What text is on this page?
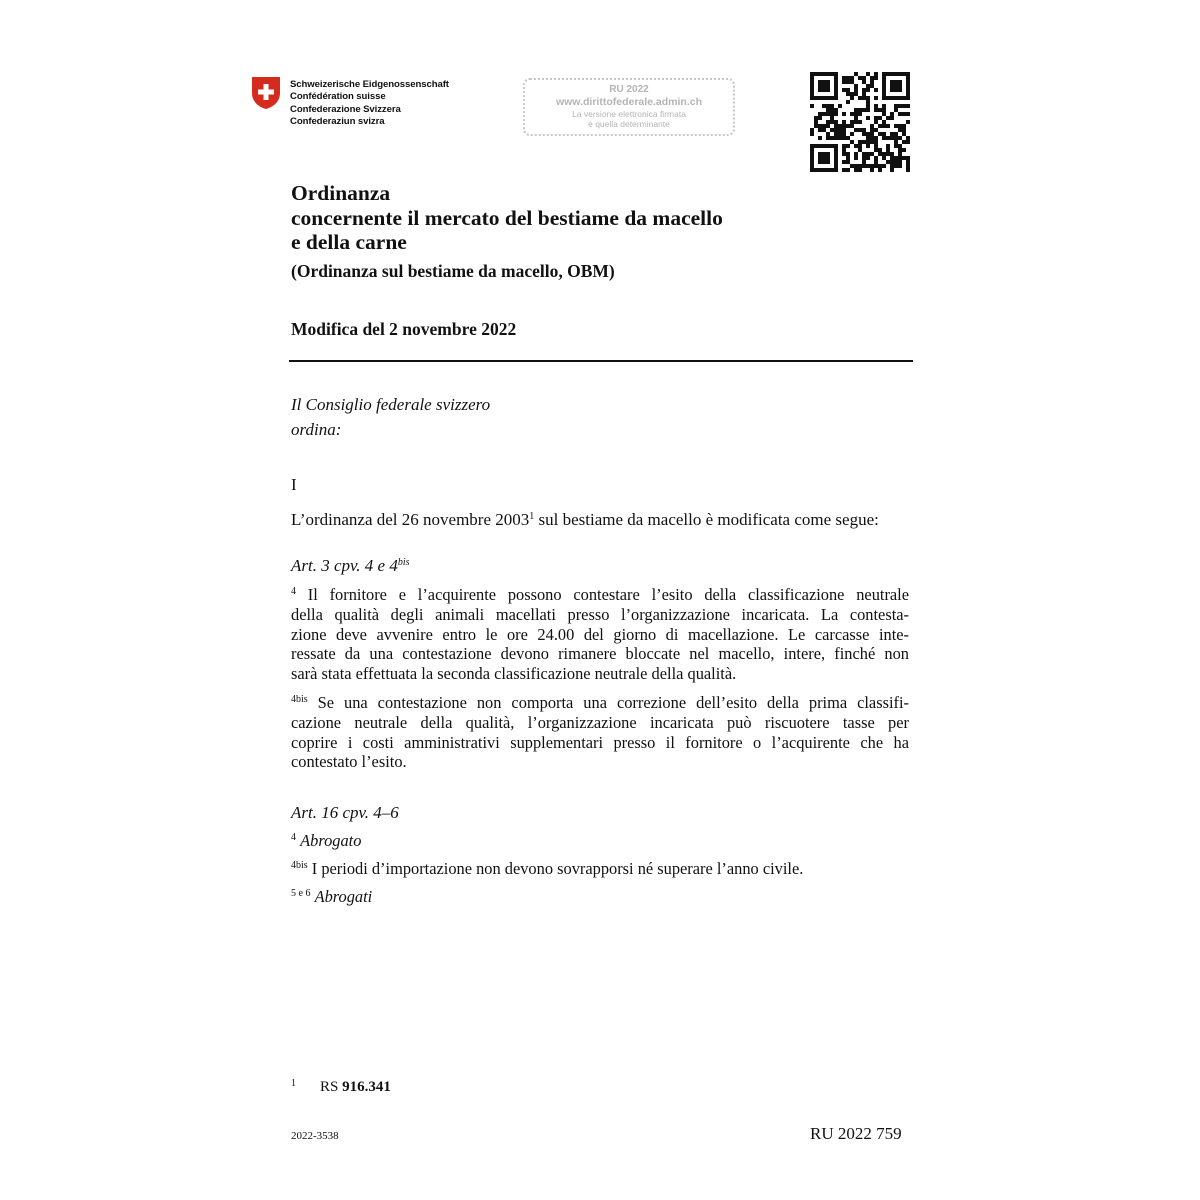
Schweizerische Eidgenossenschaft
Confédération suisse
Confederazione Svizzera
Confederaziun svizra
RU 2022
www.dirittofederale.admin.ch
La versione elettronica firmata
è quella determinante
Ordinanza
concernente il mercato del bestiame da macello
e della carne
(Ordinanza sul bestiame da macello, OBM)
Modifica del 2 novembre 2022
Il Consiglio federale svizzero
ordina:
I
L’ordinanza del 26 novembre 2003$^1$ sul bestiame da macello è modificata come segue:
Art. 3 cpv. 4 e $4^{bis}$
$^4$ Il fornitore e l’acquirente possono contestare l’esito della classificazione neutrale
della qualità degli animali macellati presso l’organizzazione incaricata. La contesta-
zione deve avvenire entro le ore 24.00 del giorno di macellazione. Le carcasse inte-
ressate da una contestazione devono rimanere bloccate nel macello, intere, finché non
sarà stata effettuata la seconda classificazione neutrale della qualità.
$^{4bis}$ Se una contestazione non comporta una correzione dell’esito della prima classifi-
cazione neutrale della qualità, l’organizzazione incaricata può riscuotere tasse per
coprire i costi amministrativi supplementari presso il fornitore o l’acquirente che ha
contestato l’esito.
Art. 16 cpv. 4–6
$^4$ Abrogato
$^{4bis}$ I periodi d’importazione non devono sovrapporsi né superare l’anno civile.
$^{5 e 6}$ Abrogati
$^1$ RS 916.341
2022-3538	RU 2022 759
